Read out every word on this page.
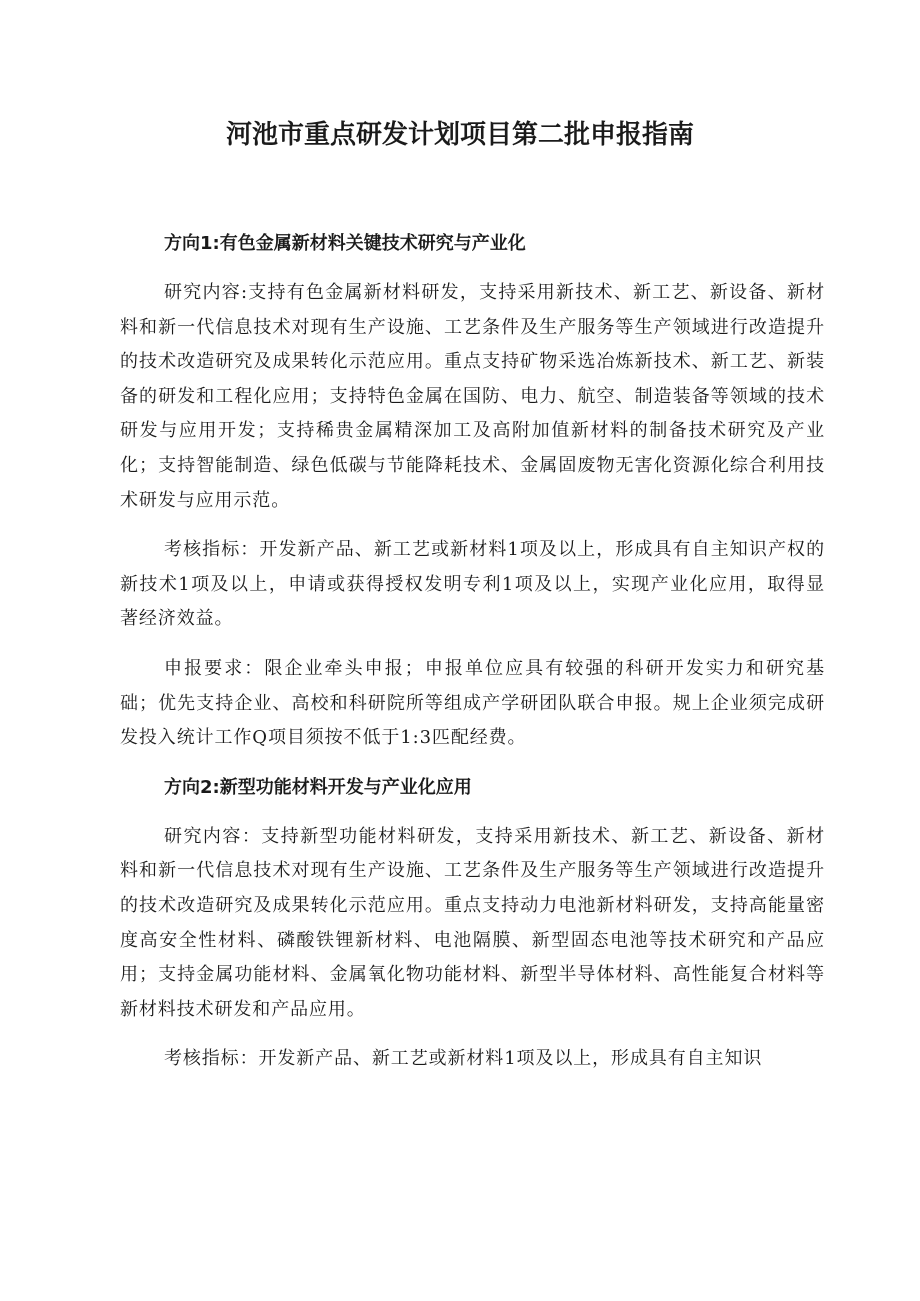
河池市重点研发计划项目第二批申报指南

方向1:有色金属新材料关键技术研究与产业化

研究内容:支持有色金属新材料研发，支持采用新技术、新工艺、新设备、新材料和新一代信息技术对现有生产设施、工艺条件及生产服务等生产领域进行改造提升的技术改造研究及成果转化示范应用。重点支持矿物采选冶炼新技术、新工艺、新装备的研发和工程化应用；支持特色金属在国防、电力、航空、制造装备等领域的技术研发与应用开发；支持稀贵金属精深加工及高附加值新材料的制备技术研究及产业化；支持智能制造、绿色低碳与节能降耗技术、金属固废物无害化资源化综合利用技术研发与应用示范。

考核指标：开发新产品、新工艺或新材料1项及以上，形成具有自主知识产权的新技术1项及以上，申请或获得授权发明专利1项及以上，实现产业化应用，取得显著经济效益。

申报要求：限企业牵头申报；申报单位应具有较强的科研开发实力和研究基础；优先支持企业、高校和科研院所等组成产学研团队联合申报。规上企业须完成研发投入统计工作Q项目须按不低于1:3匹配经费。

方向2:新型功能材料开发与产业化应用

研究内容：支持新型功能材料研发，支持采用新技术、新工艺、新设备、新材料和新一代信息技术对现有生产设施、工艺条件及生产服务等生产领域进行改造提升的技术改造研究及成果转化示范应用。重点支持动力电池新材料研发，支持高能量密度高安全性材料、磷酸铁锂新材料、电池隔膜、新型固态电池等技术研究和产品应用；支持金属功能材料、金属氧化物功能材料、新型半导体材料、高性能复合材料等新材料技术研发和产品应用。

考核指标：开发新产品、新工艺或新材料1项及以上，形成具有自主知识
